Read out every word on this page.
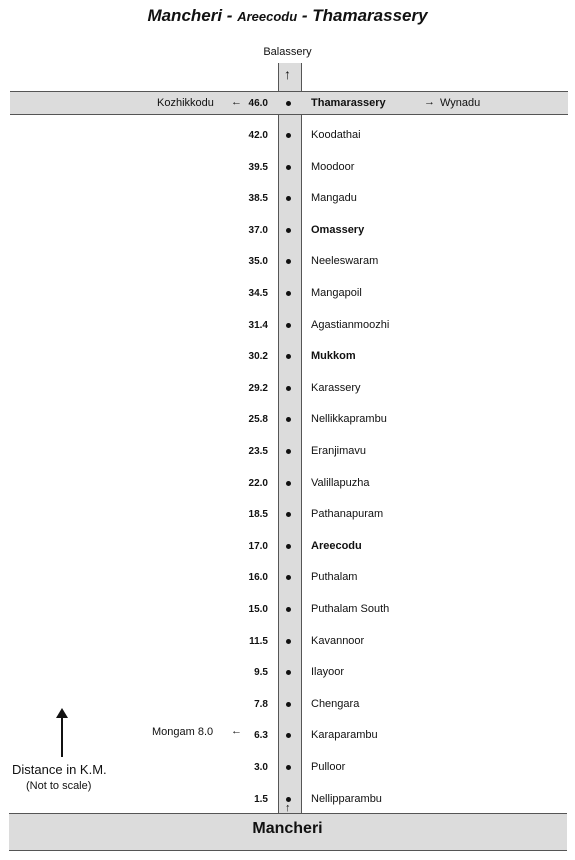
Mancheri - Areecodu - Thamarassery
Balassery
↑
Kozhikkodu ← 46.0	Thamarassery	→ Wynadu
42.0	Koodathai
39.5	Moodoor
38.5	Mangadu
37.0	Omassery
35.0	Neeleswaram
34.5	Mangapoil
31.4	Agastianmoozhi
30.2	Mukkom
29.2	Karassery
25.8	Nellikkaprambu
23.5	Eranjimavu
22.0	Valillapuzha
18.5	Pathanapuram
17.0	Areecodu
16.0	Puthalam
15.0	Puthalam South
11.5	Kavannoor
9.5	Ilayoor
7.8	Chengara
6.3	Karaparambu
3.0	Pulloor
1.5	Nellipparambu
Mongam 8.0 ←
Distance in K.M.
(Not to scale)
↑
Mancheri
